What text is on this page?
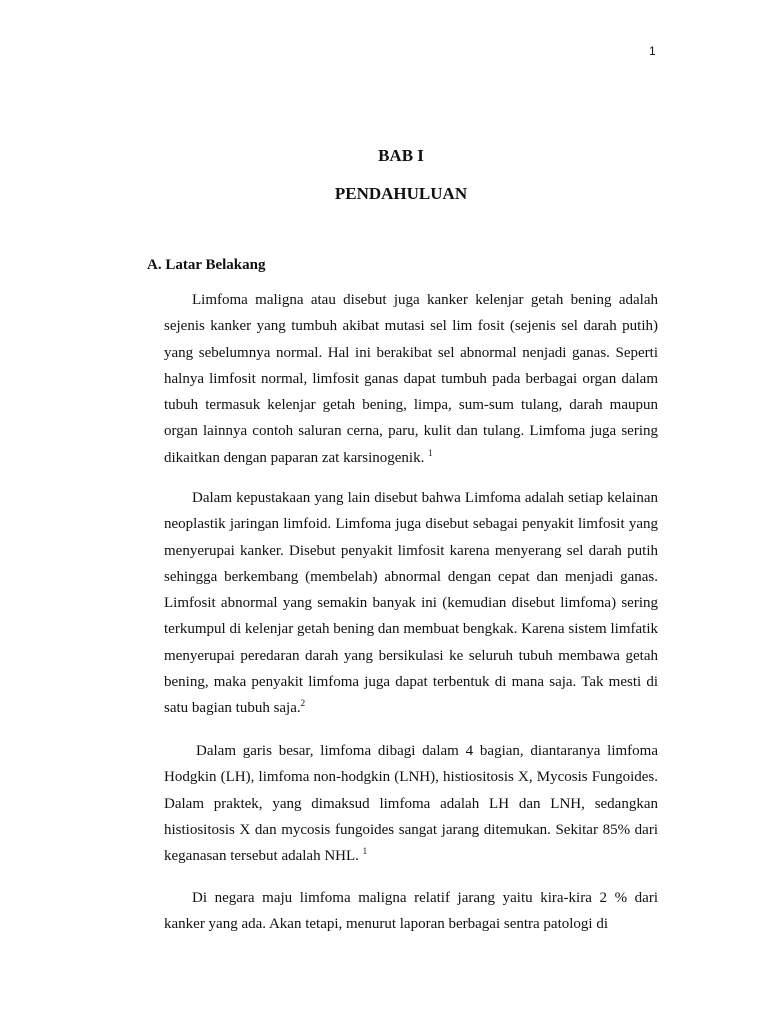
1
BAB I
PENDAHULUAN
A. Latar Belakang

Limfoma maligna atau disebut juga kanker kelenjar getah bening adalah sejenis kanker yang tumbuh akibat mutasi sel lim fosit (sejenis sel darah putih) yang sebelumnya normal. Hal ini berakibat sel abnormal nenjadi ganas. Seperti halnya limfosit normal, limfosit ganas dapat tumbuh pada berbagai organ dalam tubuh termasuk kelenjar getah bening, limpa, sum-sum tulang, darah maupun organ lainnya contoh saluran cerna, paru, kulit dan tulang. Limfoma juga sering dikaitkan dengan paparan zat karsinogenik. $^1$

Dalam kepustakaan yang lain disebut bahwa Limfoma adalah setiap kelainan neoplastik jaringan limfoid. Limfoma juga disebut sebagai penyakit limfosit yang menyerupai kanker. Disebut penyakit limfosit karena menyerang sel darah putih sehingga berkembang (membelah) abnormal dengan cepat dan menjadi ganas. Limfosit abnormal yang semakin banyak ini (kemudian disebut limfoma) sering terkumpul di kelenjar getah bening dan membuat bengkak. Karena sistem limfatik menyerupai peredaran darah yang bersikulasi ke seluruh tubuh membawa getah bening, maka penyakit limfoma juga dapat terbentuk di mana saja. Tak mesti di satu bagian tubuh saja.$^2$

Dalam garis besar, limfoma dibagi dalam 4 bagian, diantaranya limfoma Hodgkin (LH), limfoma non-hodgkin (LNH), histiositosis X, Mycosis Fungoides. Dalam praktek, yang dimaksud limfoma adalah LH dan LNH, sedangkan histiositosis X dan mycosis fungoides sangat jarang ditemukan. Sekitar 85% dari keganasan tersebut adalah NHL. $^1$

Di negara maju limfoma maligna relatif jarang yaitu kira-kira 2 % dari kanker yang ada. Akan tetapi, menurut laporan berbagai sentra patologi di
